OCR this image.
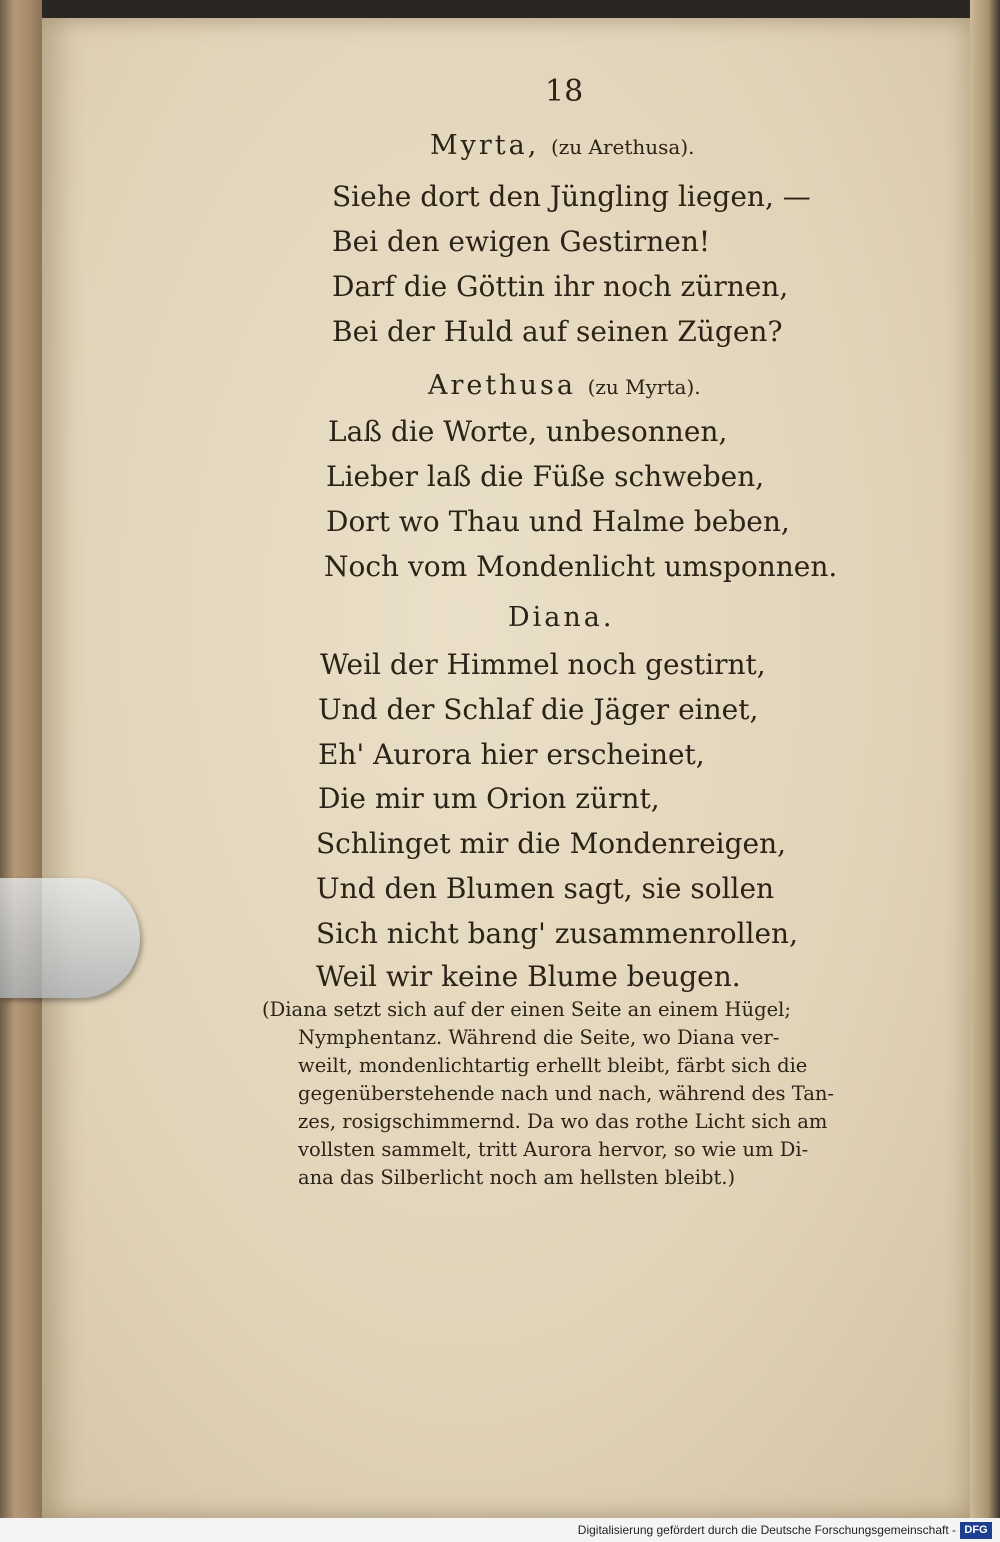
18
Myrta, (zu Arethusa).
Siehe dort den Jüngling liegen, —
Bei den ewigen Gestirnen!
Darf die Göttin ihr noch zürnen,
Bei der Huld auf seinen Zügen?
Arethusa (zu Myrta).
Laß die Worte, unbesonnen,
Lieber laß die Füße schweben,
Dort wo Thau und Halme beben,
Noch vom Mondenlicht umsponnen.
Diana.
Weil der Himmel noch gestirnt,
Und der Schlaf die Jäger einet,
Eh' Aurora hier erscheinet,
Die mir um Orion zürnt,
Schlinget mir die Mondenreigen,
Und den Blumen sagt, sie sollen
Sich nicht bang' zusammenrollen,
Weil wir keine Blume beugen.
(Diana setzt sich auf der einen Seite an einem Hügel;
Nymphentanz. Während die Seite, wo Diana ver-
weilt, mondenlichtartig erhellt bleibt, färbt sich die
gegenüberstehende nach und nach, während des Tan-
zes, rosigschimmernd. Da wo das rothe Licht sich am
vollsten sammelt, tritt Aurora hervor, so wie um Di-
ana das Silberlicht noch am hellsten bleibt.)
Digitalisierung gefördert durch die Deutsche Forschungsgemeinschaft - DFG
